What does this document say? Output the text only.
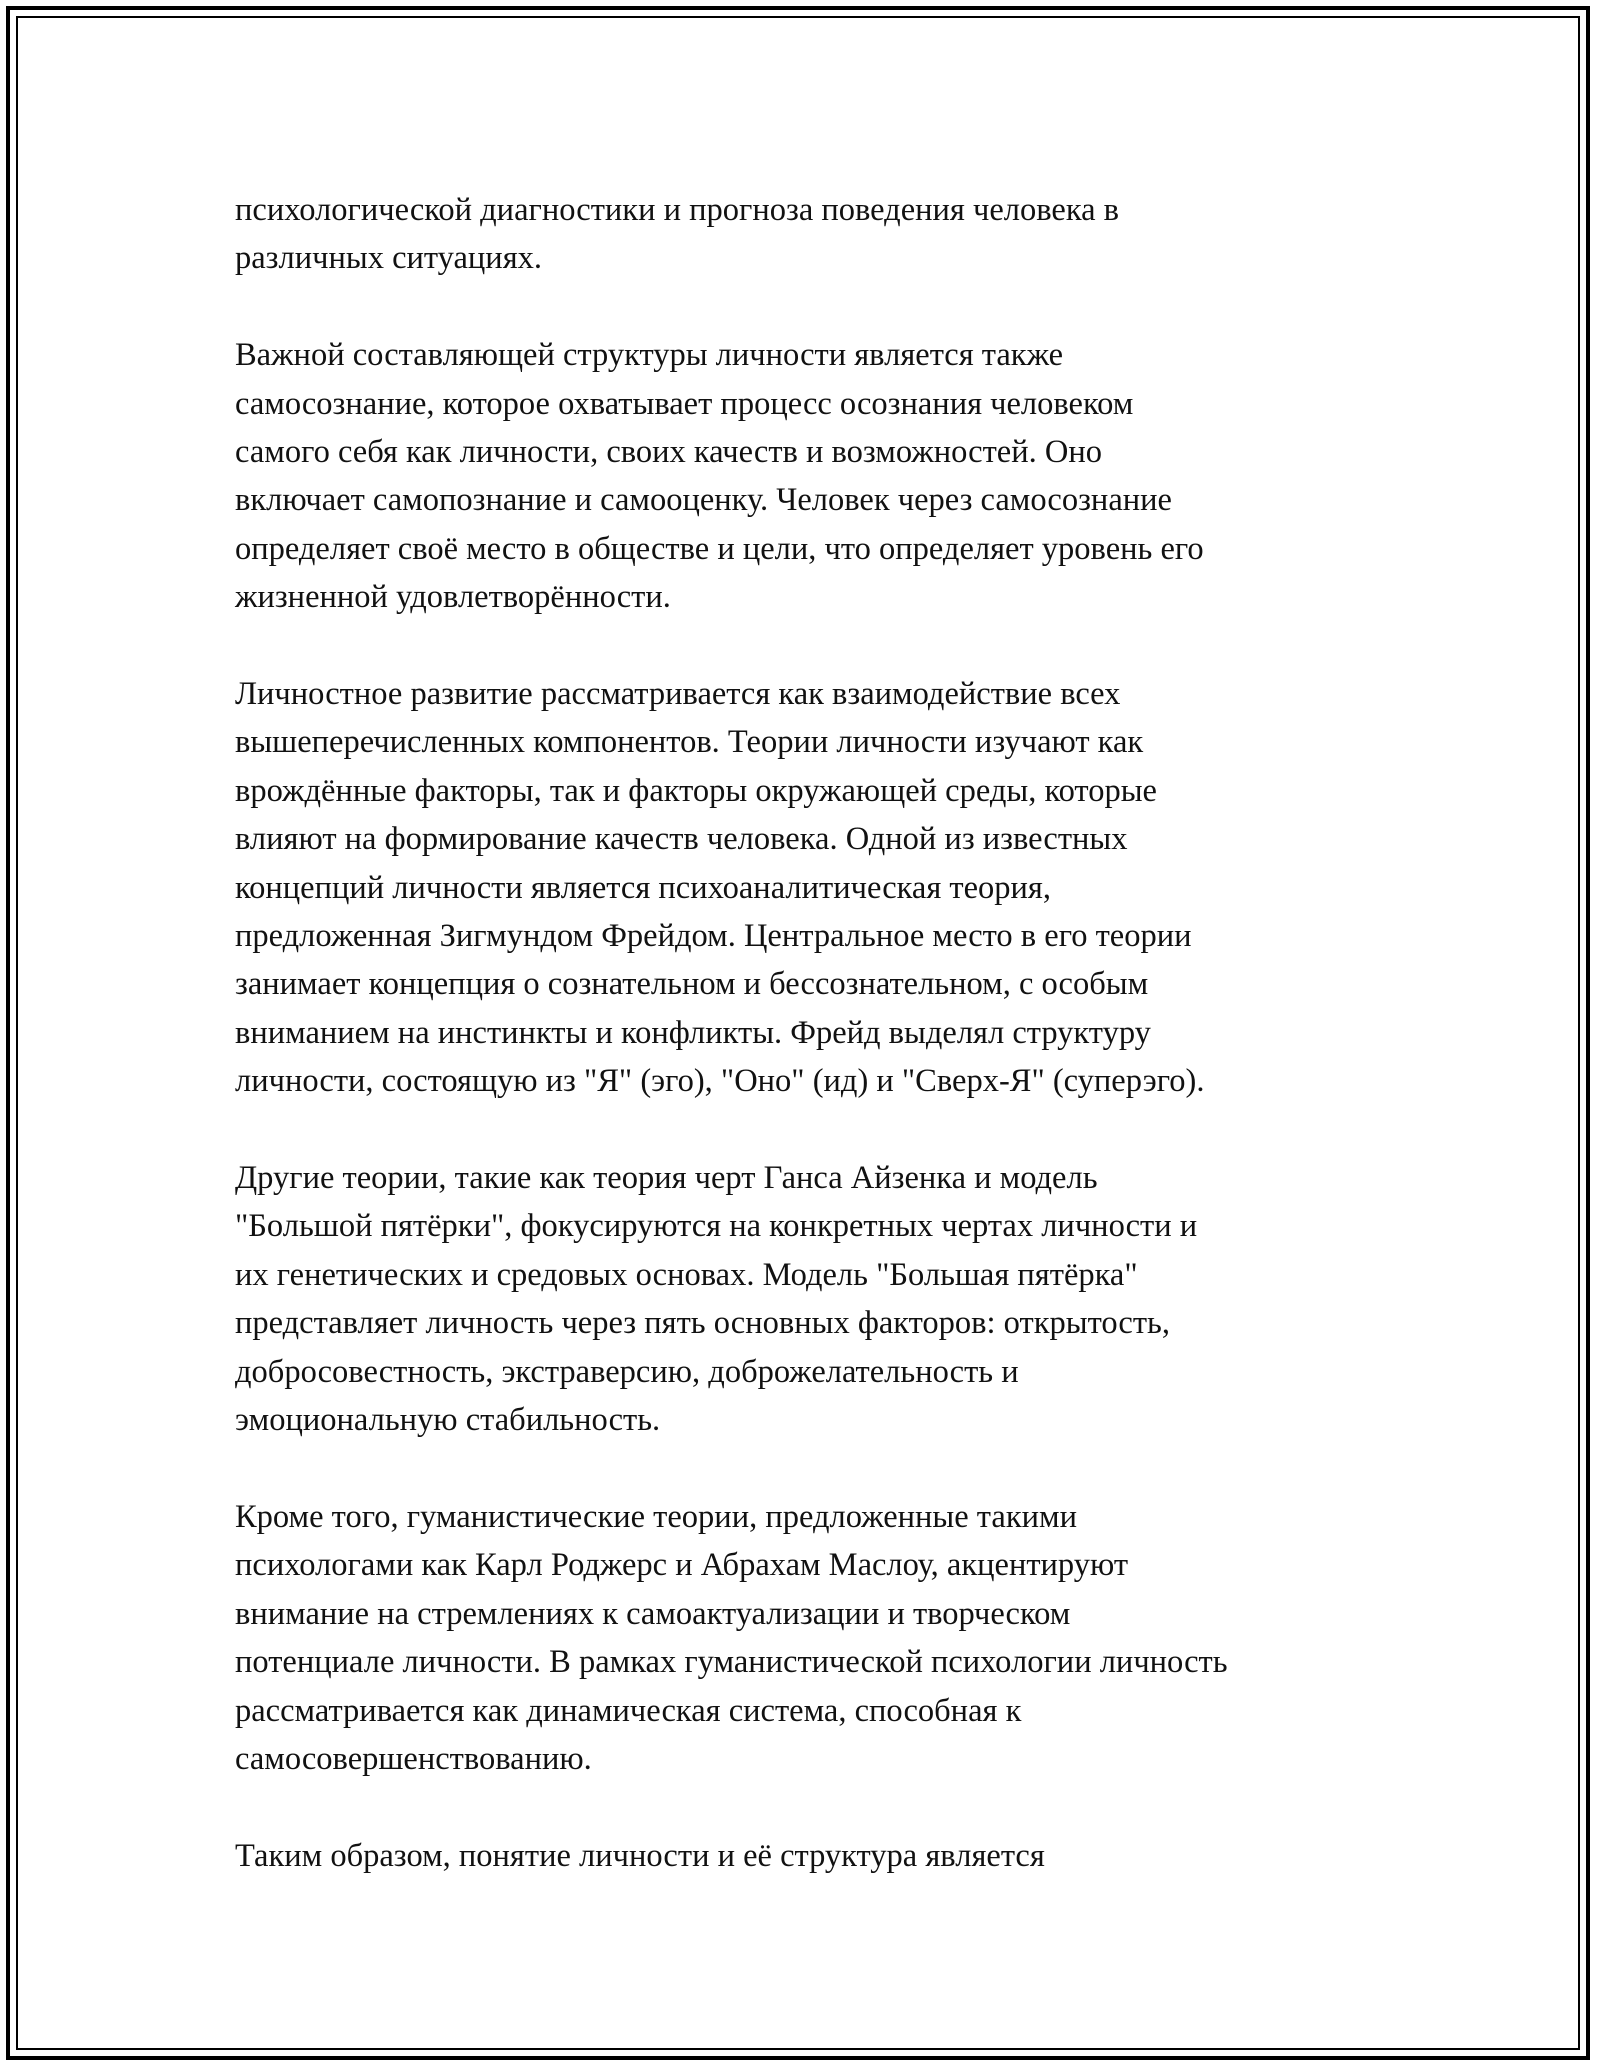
психологической диагностики и прогноза поведения человека в
различных ситуациях.

Важной составляющей структуры личности является также
самосознание, которое охватывает процесс осознания человеком
самого себя как личности, своих качеств и возможностей. Оно
включает самопознание и самооценку. Человек через самосознание
определяет своё место в обществе и цели, что определяет уровень его
жизненной удовлетворённости.

Личностное развитие рассматривается как взаимодействие всех
вышеперечисленных компонентов. Теории личности изучают как
врождённые факторы, так и факторы окружающей среды, которые
влияют на формирование качеств человека. Одной из известных
концепций личности является психоаналитическая теория,
предложенная Зигмундом Фрейдом. Центральное место в его теории
занимает концепция о сознательном и бессознательном, с особым
вниманием на инстинкты и конфликты. Фрейд выделял структуру
личности, состоящую из "Я" (эго), "Оно" (ид) и "Сверх-Я" (суперэго).

Другие теории, такие как теория черт Ганса Айзенка и модель
"Большой пятёрки", фокусируются на конкретных чертах личности и
их генетических и средовых основах. Модель "Большая пятёрка"
представляет личность через пять основных факторов: открытость,
добросовестность, экстраверсию, доброжелательность и
эмоциональную стабильность.

Кроме того, гуманистические теории, предложенные такими
психологами как Карл Роджерс и Абрахам Маслоу, акцентируют
внимание на стремлениях к самоактуализации и творческом
потенциале личности. В рамках гуманистической психологии личность
рассматривается как динамическая система, способная к
самосовершенствованию.

Таким образом, понятие личности и её структура является
